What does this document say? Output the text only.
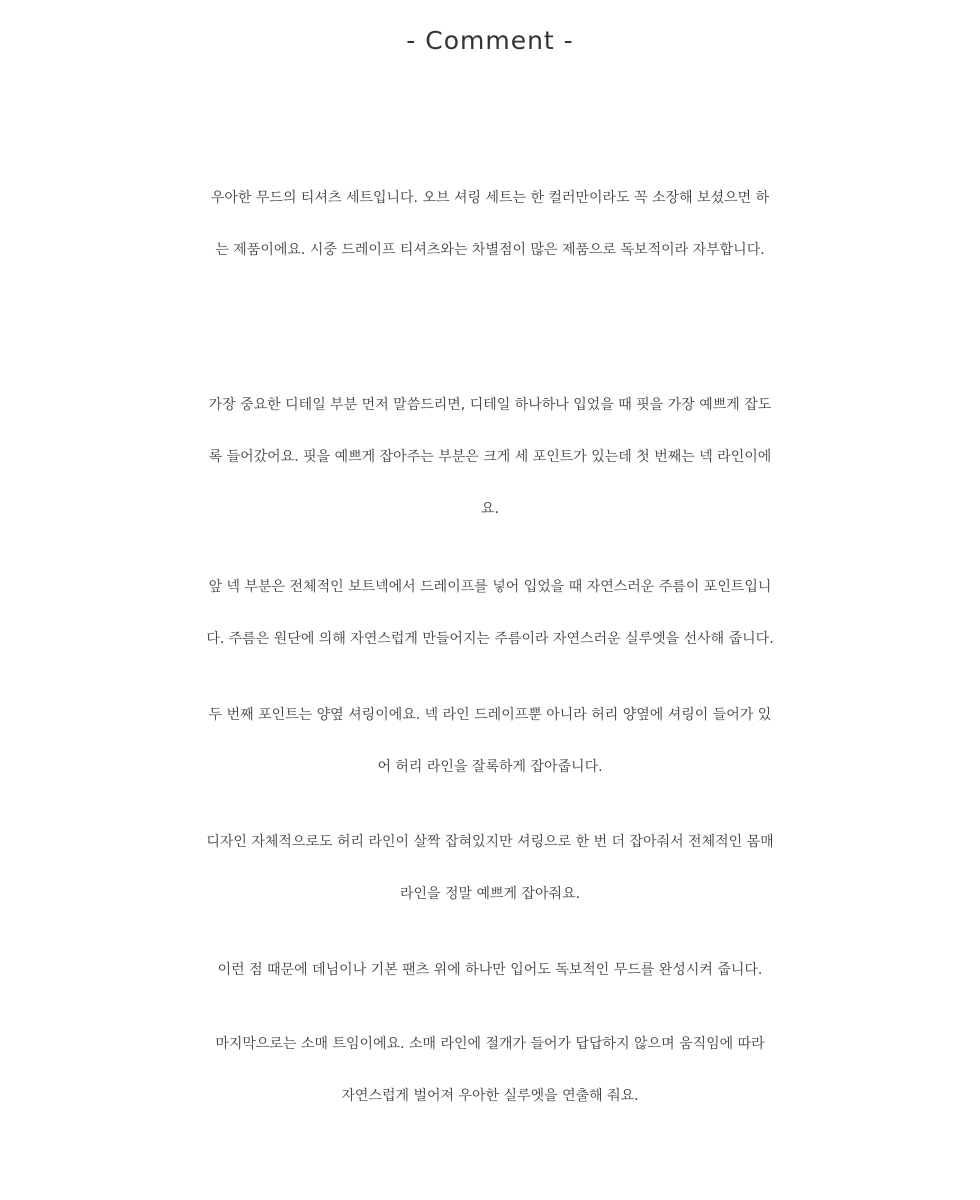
- Comment -

우아한 무드의 티셔츠 세트입니다. 오브 셔링 세트는 한 컬러만이라도 꼭 소장해 보셨으면 하
는 제품이에요. 시중 드레이프 티셔츠와는 차별점이 많은 제품으로 독보적이라 자부합니다.

가장 중요한 디테일 부분 먼저 말씀드리면, 디테일 하나하나 입었을 때 핏을 가장 예쁘게 잡도
록 들어갔어요. 핏을 예쁘게 잡아주는 부분은 크게 세 포인트가 있는데 첫 번째는 넥 라인이에
요.

앞 넥 부분은 전체적인 보트넥에서 드레이프를 넣어 입었을 때 자연스러운 주름이 포인트입니
다. 주름은 원단에 의해 자연스럽게 만들어지는 주름이라 자연스러운 실루엣을 선사해 줍니다.

두 번째 포인트는 양옆 셔링이에요. 넥 라인 드레이프뿐 아니라 허리 양옆에 셔링이 들어가 있
어 허리 라인을 잘록하게 잡아줍니다.

디자인 자체적으로도 허리 라인이 살짝 잡혀있지만 셔링으로 한 번 더 잡아줘서 전체적인 몸매
라인을 정말 예쁘게 잡아줘요.

이런 점 때문에 데님이나 기본 팬츠 위에 하나만 입어도 독보적인 무드를 완성시켜 줍니다.

마지막으로는 소매 트임이에요. 소매 라인에 절개가 들어가 답답하지 않으며 움직임에 따라
자연스럽게 벌어져 우아한 실루엣을 연출해 줘요.
